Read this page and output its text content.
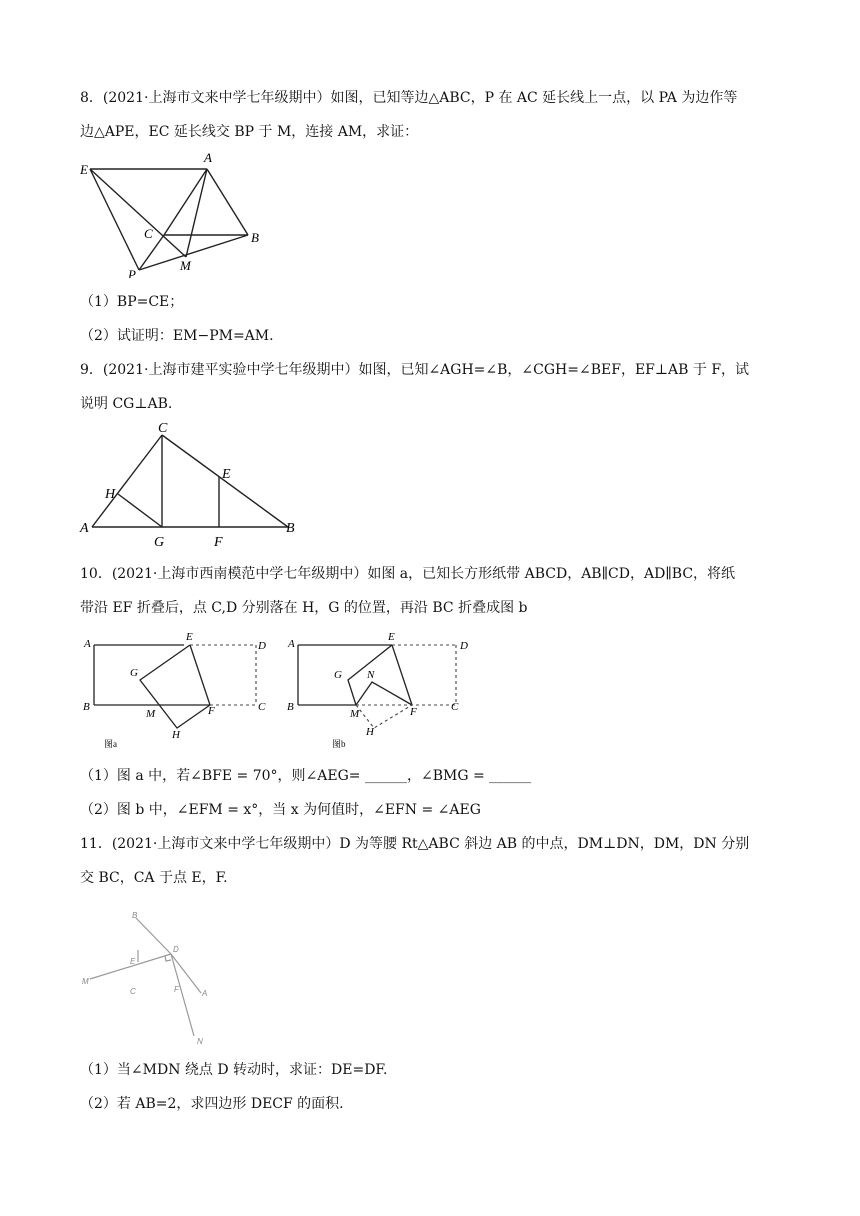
8．(2021·上海市文来中学七年级期中）如图，已知等边△ABC，P 在 AC 延长线上一点，以 PA 为边作等
边△APE，EC 延长线交 BP 于 M，连接 AM，求证：
E
A
C	B
P
M
（1）BP=CE；
（2）试证明：EM−PM=AM.
9．(2021·上海市建平实验中学七年级期中）如图，已知∠AGH=∠B，∠CGH=∠BEF，EF⊥AB 于 F，试
说明 CG⊥AB.
C
H
E
A
G	F
B
10．(2021·上海市西南模范中学七年级期中）如图 a，已知长方形纸带 ABCD，AB∥CD，AD∥BC，将纸
带沿 EF 折叠后，点 C,D 分别落在 H，G 的位置，再沿 BC 折叠成图 b
A
E
D
G
B
M	F	C
H
图a
A
E
D
G N
B
M	F	C
H
图b
（1）图 a 中，若∠BFE = 70°，则∠AEG= ______，∠BMG = ______
（2）图 b 中，∠EFM = x°，当 x 为何值时，∠EFN = ∠AEG
11．(2021·上海市文来中学七年级期中）D 为等腰 Rt△ABC 斜边 AB 的中点，DM⊥DN，DM，DN 分别
交 BC，CA 于点 E，F.
B
D
E
M
C	F	A
N
（1）当∠MDN 绕点 D 转动时，求证：DE=DF.
（2）若 AB=2，求四边形 DECF 的面积.
